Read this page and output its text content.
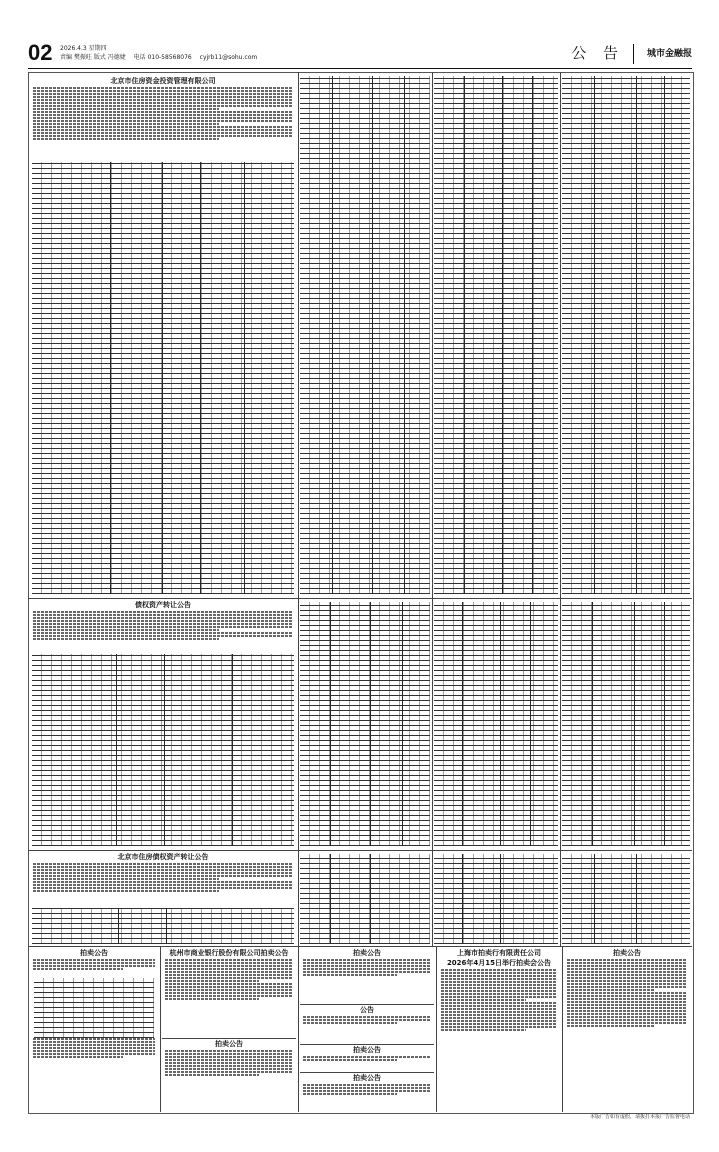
02 2026.4.3 星期四
责编 樊振旺 版式 冯德婕 电话 010-58568076 cyjrb11@sohu.com	公 告	城市金融报
北京市住房资金投资管理有限公司
债权资产转让公告
北京市住房债权资产转让公告
拍卖公告	杭州市商业银行股份有限公司拍卖公告
拍卖公告
拍卖公告
公告
拍卖公告
拍卖公告
上海市拍卖行有限责任公司
2026年4月15日举行拍卖会公告
拍卖公告
本版广告如有虚假，请拨打本报广告监督电话
